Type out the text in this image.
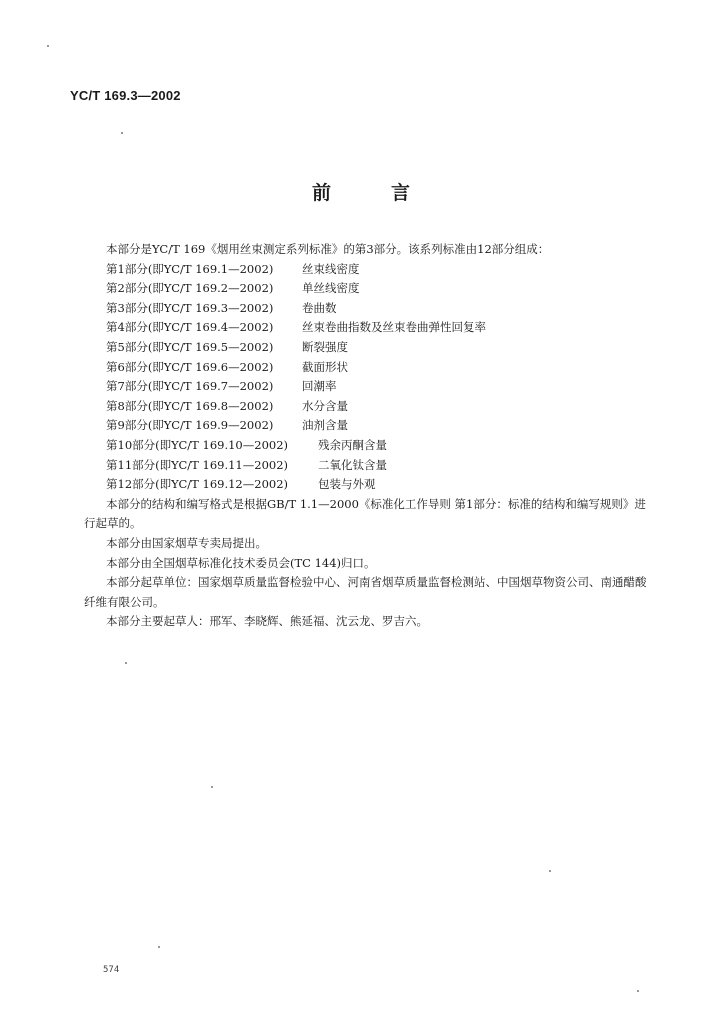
YC/T 169.3—2002
前	言

本部分是YC/T 169《烟用丝束测定系列标准》的第3部分。该系列标准由12部分组成：

第1部分(即YC/T 169.1—2002) 丝束线密度
第2部分(即YC/T 169.2—2002) 单丝线密度
第3部分(即YC/T 169.3—2002) 卷曲数
第4部分(即YC/T 169.4—2002) 丝束卷曲指数及丝束卷曲弹性回复率
第5部分(即YC/T 169.5—2002) 断裂强度
第6部分(即YC/T 169.6—2002) 截面形状
第7部分(即YC/T 169.7—2002) 回潮率
第8部分(即YC/T 169.8—2002) 水分含量
第9部分(即YC/T 169.9—2002) 油剂含量
第10部分(即YC/T 169.10—2002)	残余丙酮含量
第11部分(即YC/T 169.11—2002)	二氧化钛含量
第12部分(即YC/T 169.12—2002)	包装与外观

本部分的结构和编写格式是根据GB/T 1.1—2000《标准化工作导则 第1部分：标准的结构和编写规则》进行起草的。

本部分由国家烟草专卖局提出。

本部分由全国烟草标准化技术委员会(TC 144)归口。

本部分起草单位：国家烟草质量监督检验中心、河南省烟草质量监督检测站、中国烟草物资公司、南通醋酸纤维有限公司。

本部分主要起草人：邢军、李晓辉、熊延福、沈云龙、罗吉六。

574
